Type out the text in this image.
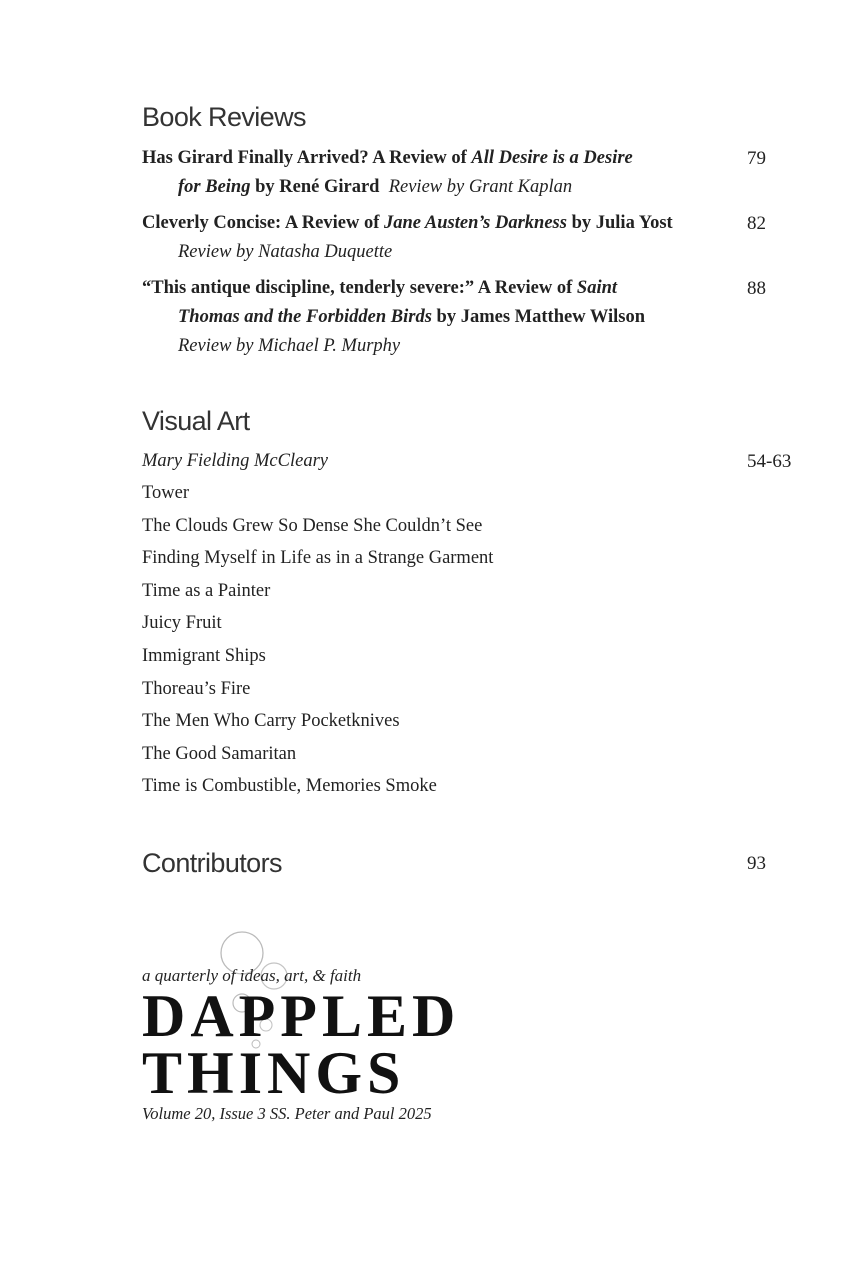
Book Reviews
Has Girard Finally Arrived? A Review of All Desire is a Desire
for Being by René Girard Review by Grant Kaplan
79
Cleverly Concise: A Review of Jane Austen’s Darkness by Julia Yost
Review by Natasha Duquette
82
“This antique discipline, tenderly severe:” A Review of Saint
Thomas and the Forbidden Birds by James Matthew Wilson
Review by Michael P. Murphy
88
Visual Art
Mary Fielding McCleary	54-63
Tower
The Clouds Grew So Dense She Couldn’t See
Finding Myself in Life as in a Strange Garment
Time as a Painter
Juicy Fruit
Immigrant Ships
Thoreau’s Fire
The Men Who Carry Pocketknives
The Good Samaritan
Time is Combustible, Memories Smoke
Contributors	93
a quarterly of ideas, art, & faith
DAPPLED
THINGS
Volume 20, Issue 3 SS. Peter and Paul 2025
